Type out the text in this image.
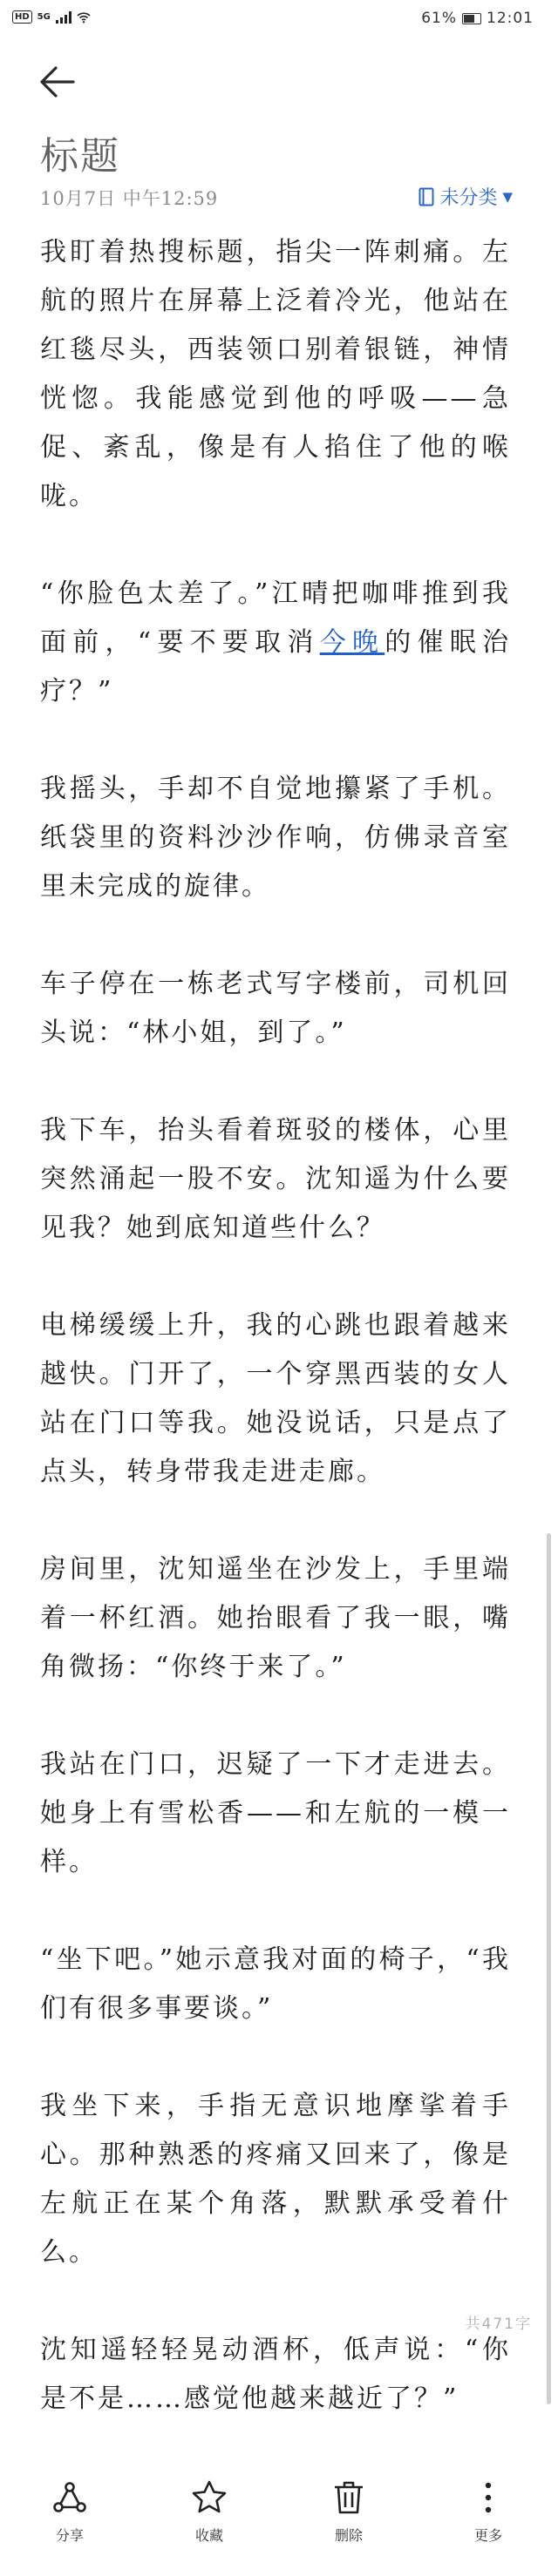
HD 5G	61% 12:01
标题
10月7日 中午12:59	未分类 ▼

我盯着热搜标题，指尖一阵刺痛。左航的照片在屏幕上泛着冷光，他站在红毯尽头，西装领口别着银链，神情恍惚。我能感觉到他的呼吸——急促、紊乱，像是有人掐住了他的喉咙。

“你脸色太差了。”江晴把咖啡推到我面前，“要不要取消今晚的催眠治疗？”

我摇头，手却不自觉地攥紧了手机。纸袋里的资料沙沙作响，仿佛录音室里未完成的旋律。

车子停在一栋老式写字楼前，司机回头说：“林小姐，到了。”

我下车，抬头看着斑驳的楼体，心里突然涌起一股不安。沈知遥为什么要见我？她到底知道些什么？

电梯缓缓上升，我的心跳也跟着越来越快。门开了，一个穿黑西装的女人站在门口等我。她没说话，只是点了点头，转身带我走进走廊。

房间里，沈知遥坐在沙发上，手里端着一杯红酒。她抬眼看了我一眼，嘴角微扬：“你终于来了。”

我站在门口，迟疑了一下才走进去。她身上有雪松香——和左航的一模一样。

“坐下吧。”她示意我对面的椅子，“我们有很多事要谈。”

我坐下来，手指无意识地摩挲着手心。那种熟悉的疼痛又回来了，像是左航正在某个角落，默默承受着什么。

沈知遥轻轻晃动酒杯，低声说：“你是不是……感觉他越来越近了？”

共471字
分享	收藏	删除	更多
